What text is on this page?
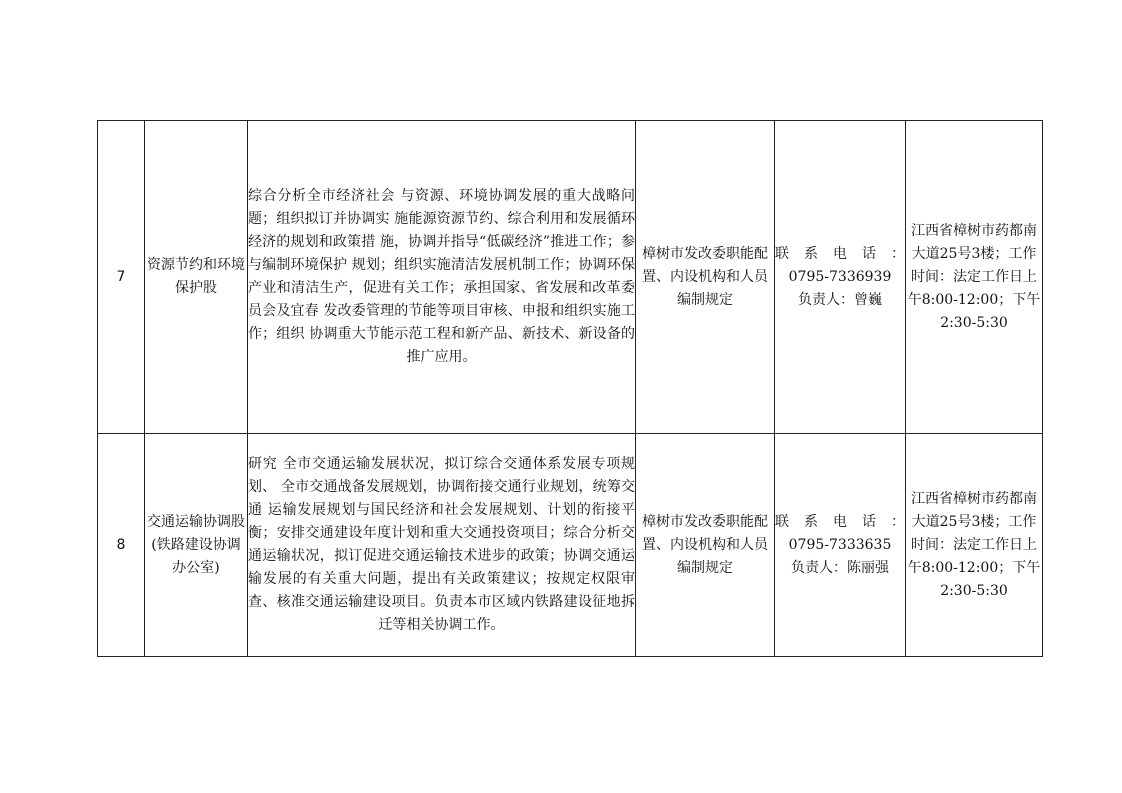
7	资源节约和环境保护股	综合分析全市经济社会 与资源、环境协调发展的重大战略问题；组织拟订并协调实 施能源资源节约、综合利用和发展循环经济的规划和政策措 施，协调并指导“低碳经济”推进工作；参与编制环境保护 规划；组织实施清洁发展机制工作；协调环保产业和清洁生产，促进有关工作；承担国家、省发展和改革委员会及宜春 发改委管理的节能等项目审核、申报和组织实施工作；组织 协调重大节能示范工程和新产品、新技术、新设备的推广应用。	樟树市发改委职能配置、内设机构和人员编制规定	联系电话：
0795-7336939
负责人：曾巍	江西省樟树市药都南大道25号3楼；工作时间：法定工作日上午8:00-12:00；下午2:30-5:30
8	交通运输协调股(铁路建设协调办公室)	研究 全市交通运输发展状况，拟订综合交通体系发展专项规划、 全市交通战备发展规划，协调衔接交通行业规划，统筹交通 运输发展规划与国民经济和社会发展规划、计划的衔接平衡；安排交通建设年度计划和重大交通投资项目；综合分析交通运输状况，拟订促进交通运输技术进步的政策；协调交通运输发展的有关重大问题，提出有关政策建议；按规定权限审查、核准交通运输建设项目。负责本市区域内铁路建设征地拆迁等相关协调工作。	樟树市发改委职能配置、内设机构和人员编制规定	联系电话：
0795-7333635
负责人：陈丽强	江西省樟树市药都南大道25号3楼；工作时间：法定工作日上午8:00-12:00；下午2:30-5:30
